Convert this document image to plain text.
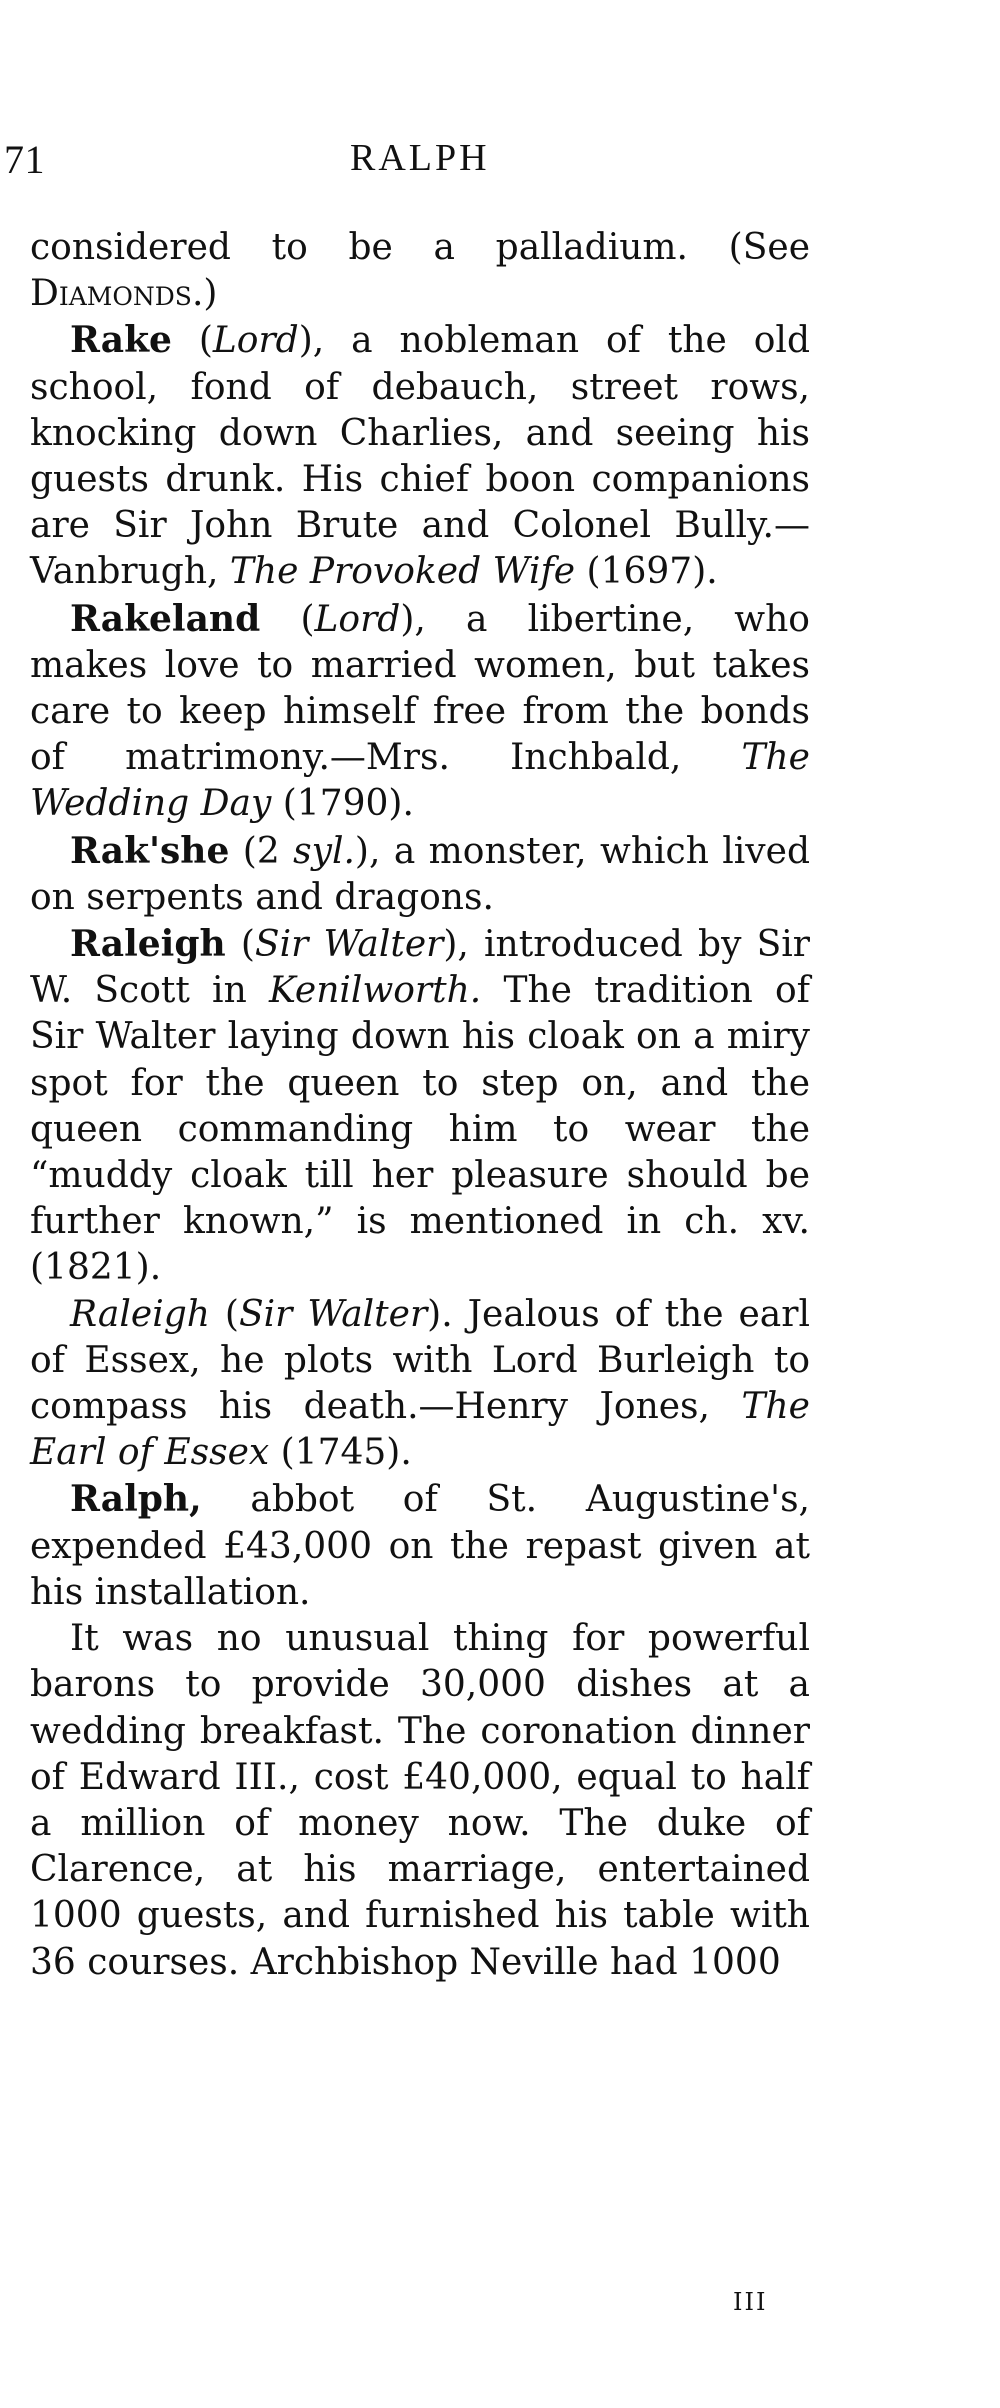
71	RALPH

considered to be a palladium. (See Diamonds.)

Rake (Lord), a nobleman of the old school, fond of debauch, street rows, knocking down Charlies, and seeing his guests drunk. His chief boon companions are Sir John Brute and Colonel Bully.—Vanbrugh, The Provoked Wife (1697).

Rakeland (Lord), a libertine, who makes love to married women, but takes care to keep himself free from the bonds of matrimony.—Mrs. Inchbald, The Wedding Day (1790).

Rak'she (2 syl.), a monster, which lived on serpents and dragons.

Raleigh (Sir Walter), introduced by Sir W. Scott in Kenilworth. The tradition of Sir Walter laying down his cloak on a miry spot for the queen to step on, and the queen commanding him to wear the “muddy cloak till her pleasure should be further known,” is mentioned in ch. xv. (1821).

Raleigh (Sir Walter). Jealous of the earl of Essex, he plots with Lord Burleigh to compass his death.—Henry Jones, The Earl of Essex (1745).

Ralph, abbot of St. Augustine's, expended £43,000 on the repast given at his installation.

It was no unusual thing for powerful barons to provide 30,000 dishes at a wedding breakfast. The coronation dinner of Edward III., cost £40,000, equal to half a million of money now. The duke of Clarence, at his marriage, entertained 1000 guests, and furnished his table with 36 courses. Archbishop Neville had 1000

III
